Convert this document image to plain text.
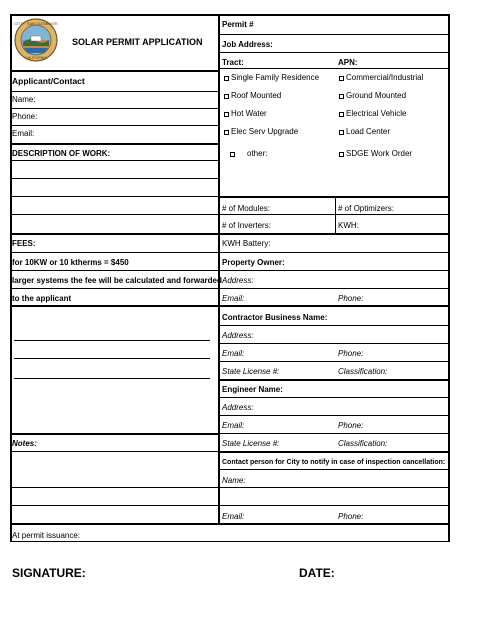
CITY · SAN CLEMENTE
CALIFORNIA
SOLAR PERMIT APPLICATION
Permit #
Job Address:
Tract:	APN:
Single Family Residence	Commercial/Industrial
Roof Mounted	Ground Mounted
Hot Water	Electrical Vehicle
Elec Serv Upgrade	Load Center
other:	SDGE Work Order
# of Modules:	# of Optimizers:
# of Inverters:	KWH:
KWH Battery:
Property Owner:
Address:
Email:	Phone:
Contractor Business Name:
Address:
Email:	Phone:
State License #:	Classification:
Engineer Name:
Address:
Email:	Phone:
State License #:	Classification:
Contact person for City to notify in case of inspection cancellation:
Name:
Email:	Phone:
Applicant/Contact
Name:
Phone:
Email:
DESCRIPTION OF WORK:
FEES:
for 10KW or 10 ktherms = $450
larger systems the fee will be calculated and forwarded
to the applicant
Notes:
At permit issuance:
SIGNATURE:	DATE:
